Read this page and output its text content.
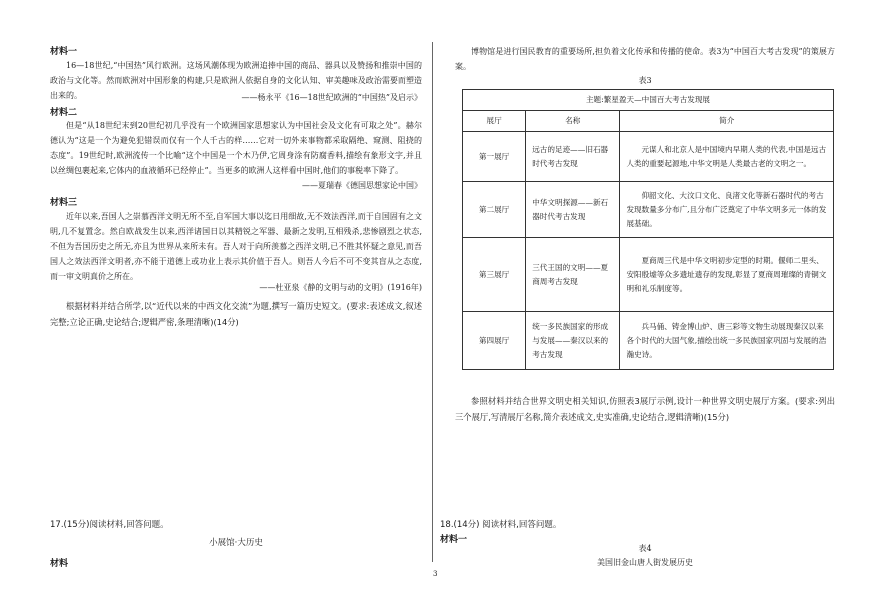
材料一
16—18世纪,“中国热”风行欧洲。这场风潮体现为欧洲追捧中国的商品、器具以及赞扬和推崇中国的政治与文化等。然而欧洲对中国形象的构建,只是欧洲人依据自身的文化认知、审美趣味及政治需要而塑造出来的。	——杨永平《16—18世纪欧洲的“中国热”及启示》
材料二
但是“从18世纪末到20世纪初几乎没有一个欧洲国家思想家认为中国社会及文化有可取之处”。赫尔德认为“这是一个为避免犯错误而仅有一个人千古的样……它对一切外来事物都采取隔绝、窥测、阻挠的态度”。19世纪时,欧洲流传一个比喻“这个中国是一个木乃伊,它周身涂有防腐香料,描绘有象形文字,并且以丝绸包裹起来,它体内的血液循环已经停止”。当更多的欧洲人这样看中国时,他们的事税率下降了。
——夏瑞春《德国思想家论中国》
材料三
近年以来,吾国人之崇慕西洋文明无所不至,自军国大事以迄日用细故,无不效法西洋,而于自国固有之文明,几不复置念。然自欧战发生以来,西洋诸国日以其精锐之军器、最新之发明,互相残杀,悲惨剧烈之状态,不但为吾国历史之所无,亦且为世界从来所未有。吾人对于向所羡慕之西洋文明,已不胜其怀疑之意见,而吾国人之效法西洋文明者,亦不能于道德上或功业上表示其价值于吾人。则吾人今后不可不变其盲从之态度,而一审文明真价之所在。
——杜亚泉《静的文明与动的文明》(1916年)
根据材料并结合所学,以“近代以来的中西文化交流”为题,撰写一篇历史短文。(要求:表述成文,叙述完整;立论正确,史论结合;逻辑严密,条理清晰)(14分)
17.(15分)阅读材料,回答问题。
小展馆·大历史
材料
博物馆是进行国民教育的重要场所,担负着文化传承和传播的使命。表3为“中国百大考古发现”的策展方案。
表3
主题:繁星盈天—中国百大考古发现展		
展厅	名称	简介
第一展厅	远古的足迹——旧石器时代考古发现	元谋人和北京人是中国境内早期人类的代表,中国是远古人类的重要起源地,中华文明是人类最古老的文明之一。
第二展厅	中华文明探源——新石器时代考古发现	仰韶文化、大汶口文化、良渚文化等新石器时代的考古发现数量多分布广,且分布广泛奠定了中华文明多元一体的发展基础。
第三展厅	三代王国的文明——夏商周考古发现	夏商周三代是中华文明初步定型的时期。偃师二里头、安阳殷墟等众多遗址遗存的发现,彰显了夏商周璀璨的青铜文明和礼乐制度等。
第四展厅	统一多民族国家的形成与发展——秦汉以来的考古发现	兵马俑、铸金博山炉、唐三彩等文物生动展现秦汉以来各个时代的大国气象,描绘出统一多民族国家巩固与发展的浩瀚史诗。
参照材料并结合世界文明史相关知识,仿照表3展厅示例,设计一种世界文明史展厅方案。(要求:列出三个展厅,写清展厅名称,简介表述成文,史实准确,史论结合,逻辑清晰)(15分)
18.(14分) 阅读材料,回答问题。
材料一
表4
美国旧金山唐人街发展历史
3
